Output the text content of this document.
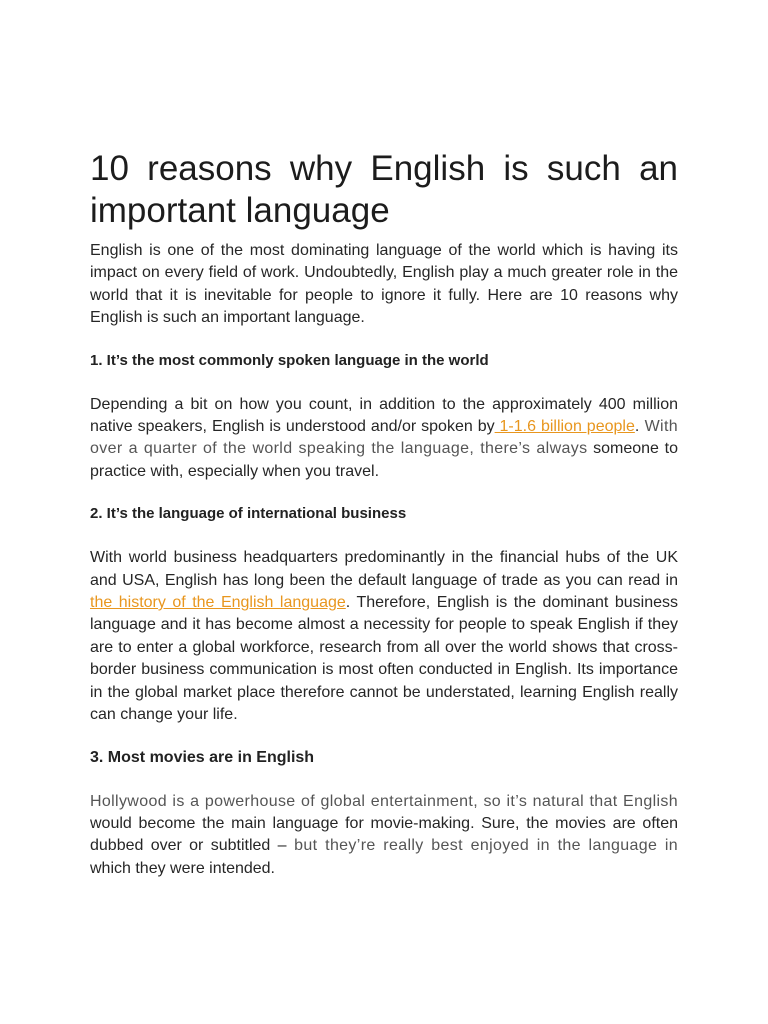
10 reasons why English is such an important language

English is one of the most dominating language of the world which is having its impact on every field of work. Undoubtedly, English play a much greater role in the world that it is inevitable for people to ignore it fully. Here are 10 reasons why English is such an important language.

1. It’s the most commonly spoken language in the world

Depending a bit on how you count, in addition to the approximately 400 million native speakers, English is understood and/or spoken by 1-1.6 billion people. With over a quarter of the world speaking the language, there’s always someone to practice with, especially when you travel.

2. It’s the language of international business

With world business headquarters predominantly in the financial hubs of the UK and USA, English has long been the default language of trade as you can read in the history of the English language. Therefore, English is the dominant business language and it has become almost a necessity for people to speak English if they are to enter a global workforce, research from all over the world shows that cross-border business communication is most often conducted in English. Its importance in the global market place therefore cannot be understated, learning English really can change your life.

3. Most movies are in English

Hollywood is a powerhouse of global entertainment, so it’s natural that English would become the main language for movie-making. Sure, the movies are often dubbed over or subtitled – but they’re really best enjoyed in the language in which they were intended.
